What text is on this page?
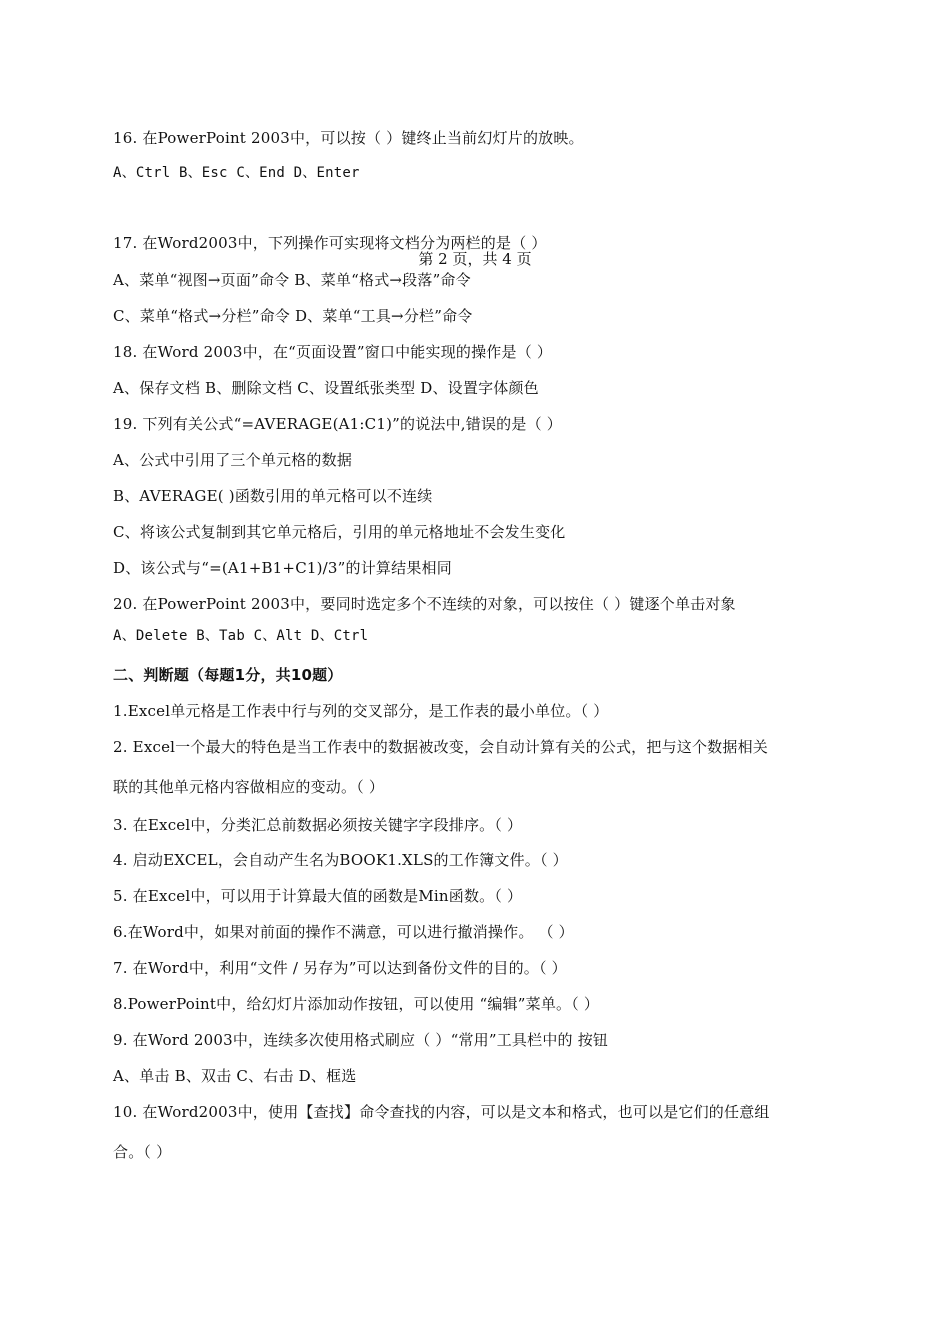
16. 在PowerPoint 2003中，可以按（ ）键终止当前幻灯片的放映。
A、Ctrl B、Esc C、End D、Enter
17. 在Word2003中，下列操作可实现将文档分为两栏的是（ ）
第 2 页，共 4 页
A、菜单“视图→页面”命令 B、菜单“格式→段落”命令
C、菜单“格式→分栏”命令 D、菜单“工具→分栏”命令
18. 在Word 2003中，在“页面设置”窗口中能实现的操作是（ ）
A、保存文档 B、删除文档 C、设置纸张类型 D、设置字体颜色
19. 下列有关公式“=AVERAGE(A1:C1)”的说法中,错误的是（ ）
A、公式中引用了三个单元格的数据
B、AVERAGE( )函数引用的单元格可以不连续
C、将该公式复制到其它单元格后，引用的单元格地址不会发生变化
D、该公式与“=(A1+B1+C1)/3”的计算结果相同
20. 在PowerPoint 2003中，要同时选定多个不连续的对象，可以按住（ ）键逐个单击对象
A、Delete B、Tab C、Alt D、Ctrl
二、判断题（每题1分，共10题）
1.Excel单元格是工作表中行与列的交叉部分，是工作表的最小单位。（ ）
2. Excel一个最大的特色是当工作表中的数据被改变，会自动计算有关的公式，把与这个数据相关
联的其他单元格内容做相应的变动。（ ）
3. 在Excel中，分类汇总前数据必须按关键字字段排序。（ ）
4. 启动EXCEL，会自动产生名为BOOK1.XLS的工作簿文件。（ ）
5. 在Excel中，可以用于计算最大值的函数是Min函数。（ ）
6.在Word中，如果对前面的操作不满意，可以进行撤消操作。 （ ）
7. 在Word中，利用“文件 / 另存为”可以达到备份文件的目的。（ ）
8.PowerPoint中，给幻灯片添加动作按钮，可以使用 “编辑”菜单。（ ）
9. 在Word 2003中，连续多次使用格式刷应（ ）“常用”工具栏中的 按钮
A、单击 B、双击 C、右击 D、框选
10. 在Word2003中，使用【查找】命令查找的内容，可以是文本和格式，也可以是它们的任意组
合。（ ）
